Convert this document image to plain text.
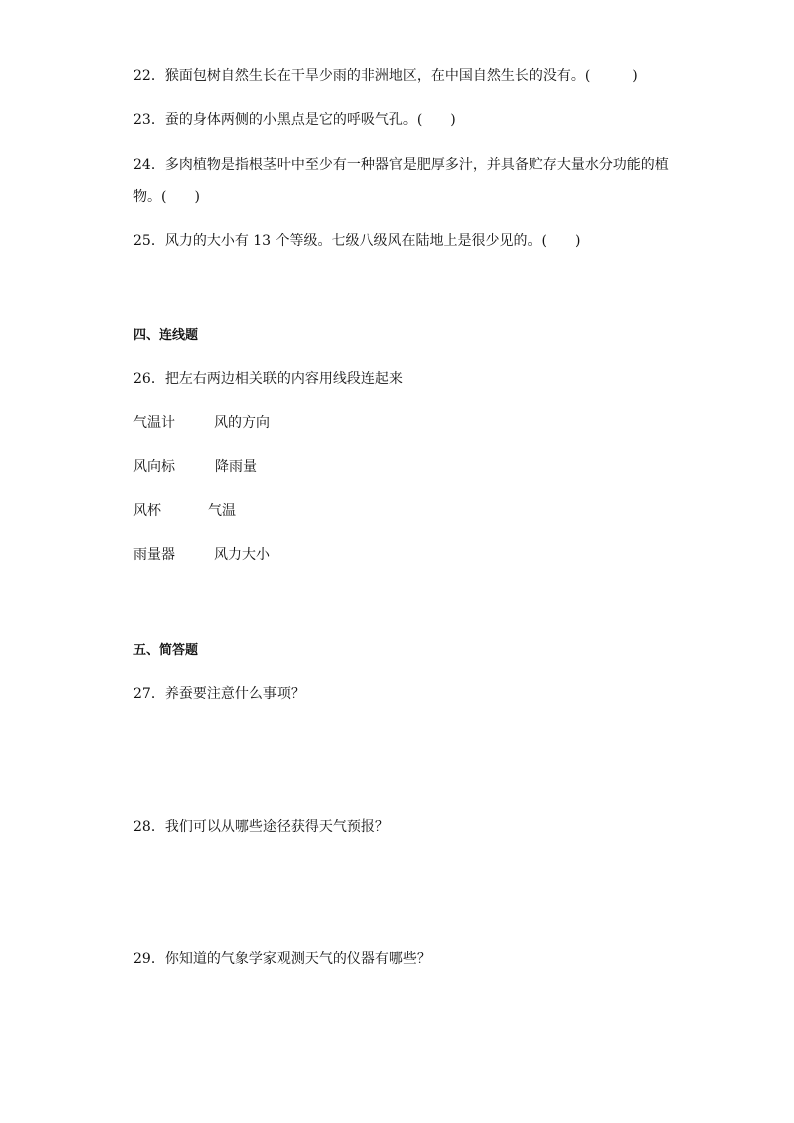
22．猴面包树自然生长在干旱少雨的非洲地区，在中国自然生长的没有。(　　　)
23．蚕的身体两侧的小黑点是它的呼吸气孔。(　　)
24．多肉植物是指根茎叶中至少有一种器官是肥厚多汁，并具备贮存大量水分功能的植
物。(　　)
25．风力的大小有 13 个等级。七级八级风在陆地上是很少见的。(　　)
四、连线题
26．把左右两边相关联的内容用线段连起来
气温计	风的方向
风向标	降雨量
风杯	气温
雨量器	风力大小
五、简答题
27．养蚕要注意什么事项？
28．我们可以从哪些途径获得天气预报？
29．你知道的气象学家观测天气的仪器有哪些？
